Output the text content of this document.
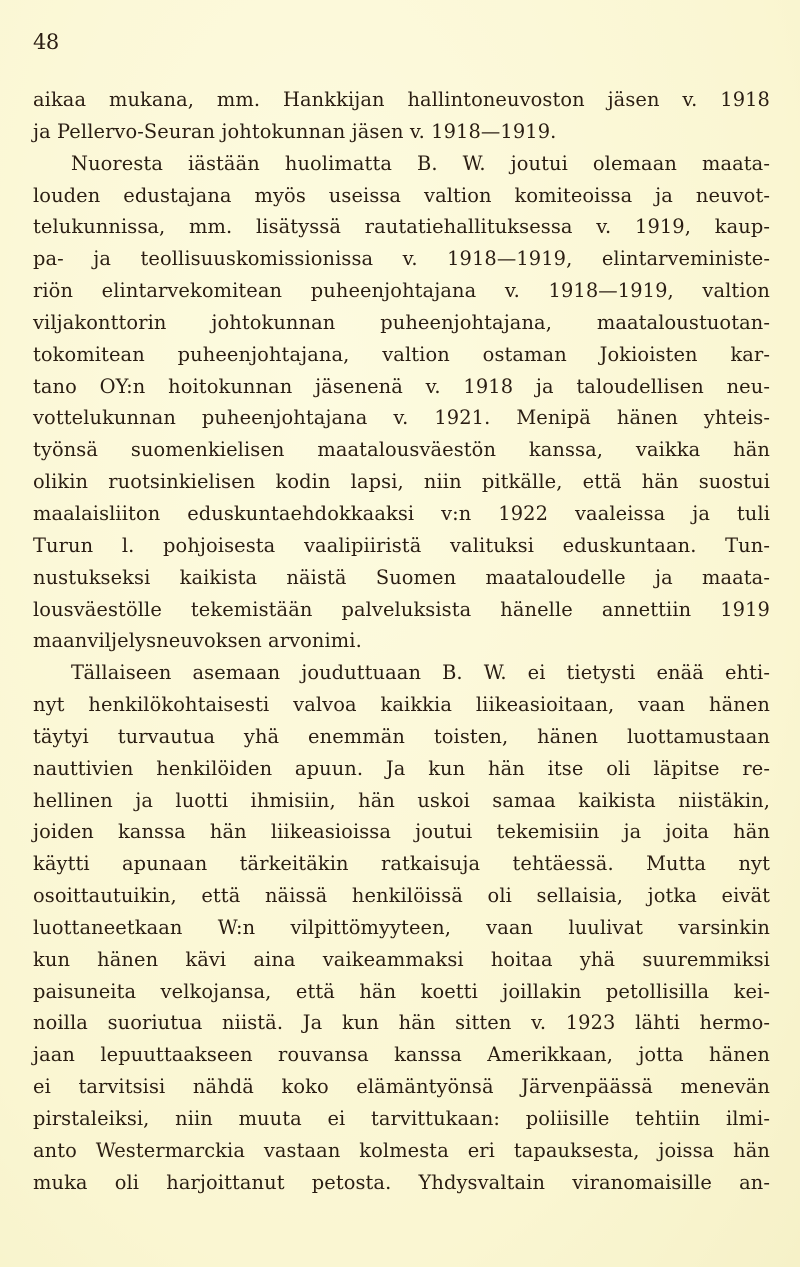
48
aikaa mukana, mm. Hankkijan hallintoneuvoston jäsen v. 1918
ja Pellervo-Seuran johtokunnan jäsen v. 1918—1919.
Nuoresta iästään huolimatta B. W. joutui olemaan maata-
louden edustajana myös useissa valtion komiteoissa ja neuvot-
telukunnissa, mm. lisätyssä rautatiehallituksessa v. 1919, kaup-
pa- ja teollisuuskomissionissa v. 1918—1919, elintarveministe-
riön elintarvekomitean puheenjohtajana v. 1918—1919, valtion
viljakonttorin johtokunnan puheenjohtajana, maataloustuotan-
tokomitean puheenjohtajana, valtion ostaman Jokioisten kar-
tano OY:n hoitokunnan jäsenenä v. 1918 ja taloudellisen neu-
vottelukunnan puheenjohtajana v. 1921. Menipä hänen yhteis-
työnsä suomenkielisen maatalousväestön kanssa, vaikka hän
olikin ruotsinkielisen kodin lapsi, niin pitkälle, että hän suostui
maalaisliiton eduskuntaehdokkaaksi v:n 1922 vaaleissa ja tuli
Turun l. pohjoisesta vaalipiiristä valituksi eduskuntaan. Tun-
nustukseksi kaikista näistä Suomen maataloudelle ja maata-
lousväestölle tekemistään palveluksista hänelle annettiin 1919
maanviljelysneuvoksen arvonimi.
Tällaiseen asemaan jouduttuaan B. W. ei tietysti enää ehti-
nyt henkilökohtaisesti valvoa kaikkia liikeasioitaan, vaan hänen
täytyi turvautua yhä enemmän toisten, hänen luottamustaan
nauttivien henkilöiden apuun. Ja kun hän itse oli läpitse re-
hellinen ja luotti ihmisiin, hän uskoi samaa kaikista niistäkin,
joiden kanssa hän liikeasioissa joutui tekemisiin ja joita hän
käytti apunaan tärkeitäkin ratkaisuja tehtäessä. Mutta nyt
osoittautuikin, että näissä henkilöissä oli sellaisia, jotka eivät
luottaneetkaan W:n vilpittömyyteen, vaan luulivat varsinkin
kun hänen kävi aina vaikeammaksi hoitaa yhä suuremmiksi
paisuneita velkojansa, että hän koetti joillakin petollisilla kei-
noilla suoriutua niistä. Ja kun hän sitten v. 1923 lähti hermo-
jaan lepuuttaakseen rouvansa kanssa Amerikkaan, jotta hänen
ei tarvitsisi nähdä koko elämäntyönsä Järvenpäässä menevän
pirstaleiksi, niin muuta ei tarvittukaan: poliisille tehtiin ilmi-
anto Westermarckia vastaan kolmesta eri tapauksesta, joissa hän
muka oli harjoittanut petosta. Yhdysvaltain viranomaisille an-
